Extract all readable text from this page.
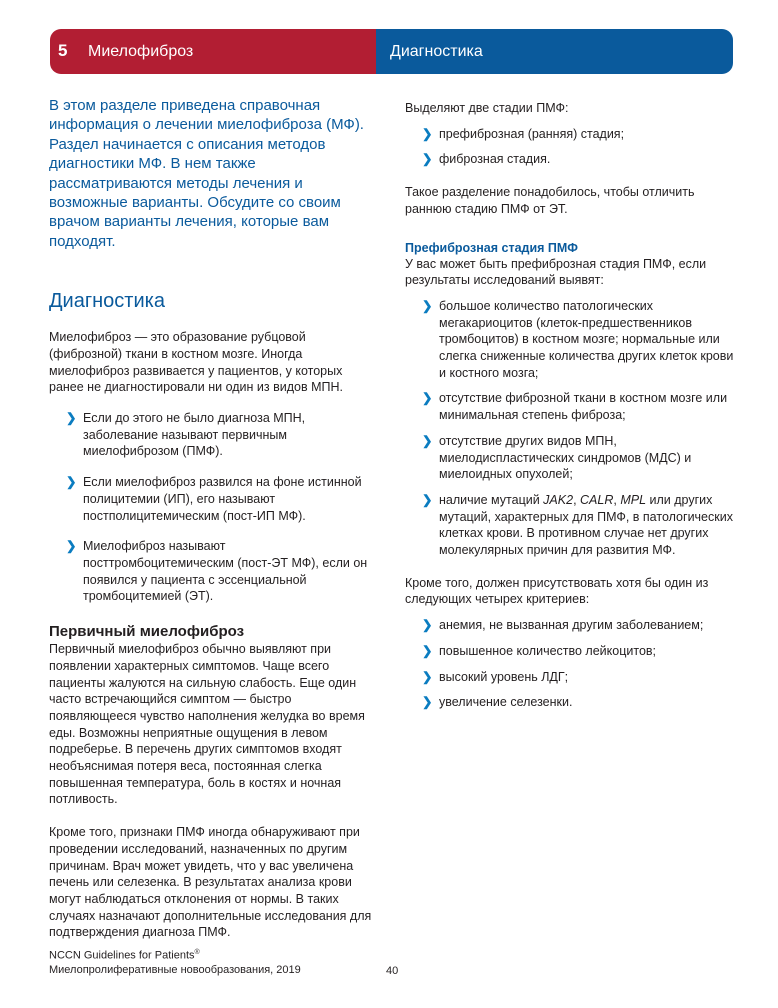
5 Миелофиброз	Диагностика

В этом разделе приведена справочная информация о лечении миелофиброза (МФ). Раздел начинается с описания методов диагностики МФ. В нем также рассматриваются методы лечения и возможные варианты. Обсудите со своим врачом варианты лечения, которые вам подходят.

Диагностика

Миелофиброз — это образование рубцовой (фиброзной) ткани в костном мозге. Иногда миелофиброз развивается у пациентов, у которых ранее не диагностировали ни один из видов МПН.

❯ Если до этого не было диагноза МПН, заболевание называют первичным миелофиброзом (ПМФ).
❯ Если миелофиброз развился на фоне истинной полицитемии (ИП), его называют постполицитемическим (пост-ИП МФ).
❯ Миелофиброз называют посттромбоцитемическим (пост-ЭТ МФ), если он появился у пациента с эссенциальной тромбоцитемией (ЭТ).
Первичный миелофиброз

Первичный миелофиброз обычно выявляют при появлении характерных симптомов. Чаще всего пациенты жалуются на сильную слабость. Еще один часто встречающийся симптом — быстро появляющееся чувство наполнения желудка во время еды. Возможны неприятные ощущения в левом подреберье. В перечень других симптомов входят необъяснимая потеря веса, постоянная слегка повышенная температура, боль в костях и ночная потливость.

Кроме того, признаки ПМФ иногда обнаруживают при проведении исследований, назначенных по другим причинам. Врач может увидеть, что у вас увеличена печень или селезенка. В результатах анализа крови могут наблюдаться отклонения от нормы. В таких случаях назначают дополнительные исследования для подтверждения диагноза ПМФ.

Выделяют две стадии ПМФ:

❯ префиброзная (ранняя) стадия;
❯ фиброзная стадия.

Такое разделение понадобилось, чтобы отличить раннюю стадию ПМФ от ЭТ.

Префиброзная стадия ПМФ

У вас может быть префиброзная стадия ПМФ, если результаты исследований выявят:

❯ большое количество патологических мегакариоцитов (клеток-предшественников тромбоцитов) в костном мозге; нормальные или слегка сниженные количества других клеток крови и костного мозга;
❯ отсутствие фиброзной ткани в костном мозге или минимальная степень фиброза;
❯ отсутствие других видов МПН, миелодиспластических синдромов (МДС) и миелоидных опухолей;
❯ наличие мутаций JAK2, CALR, MPL или других мутаций, характерных для ПМФ, в патологических клетках крови. В противном случае нет других молекулярных причин для развития МФ.

Кроме того, должен присутствовать хотя бы один из следующих четырех критериев:

❯ анемия, не вызванная другим заболеванием;
❯ повышенное количество лейкоцитов;
❯ высокий уровень ЛДГ;
❯ увеличение селезенки.
NCCN Guidelines for Patients®
Миелопролиферативные новообразования, 2019	40
